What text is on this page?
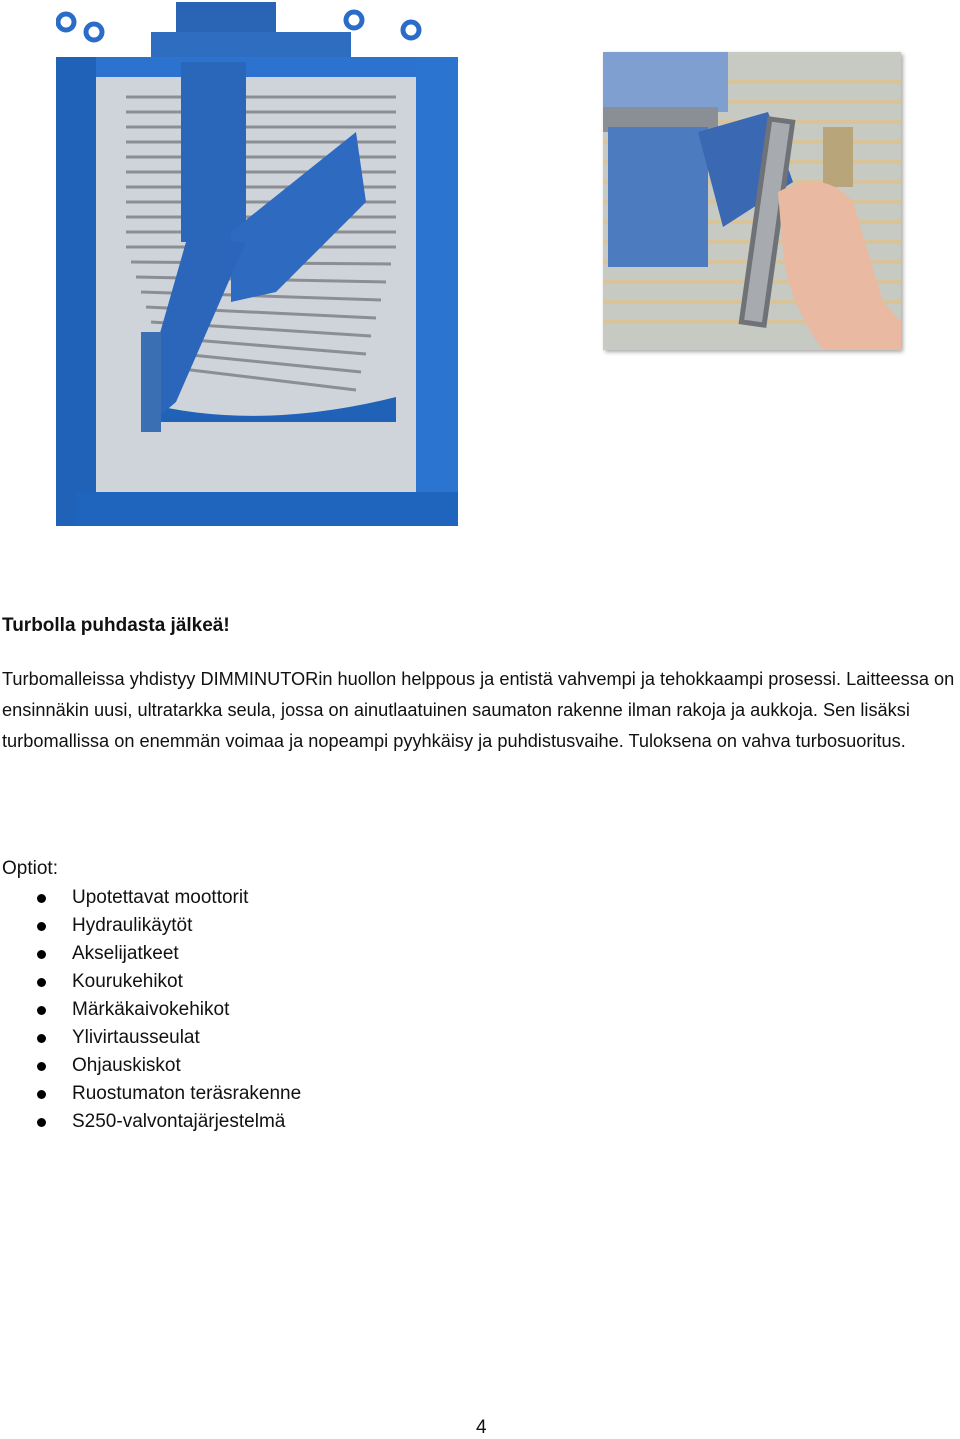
Turbolla puhdasta jälkeä!
Turbomalleissa yhdistyy DIMMINUTORin huollon helppous ja entistä vahvempi ja tehokkaampi prosessi. Laitteessa on ensinnäkin uusi, ultratarkka seula, jossa on ainutlaatuinen saumaton rakenne ilman rakoja ja aukkoja. Sen lisäksi turbomallissa on enemmän voimaa ja nopeampi pyyhkäisy ja puhdistusvaihe. Tuloksena on vahva turbosuoritus.
Optiot:
Upotettavat moottorit
Hydraulikäytöt
Akselijatkeet
Kourukehikot
Märkäkaivokehikot
Ylivirtausseulat
Ohjauskiskot
Ruostumaton teräsrakenne
S250-valvontajärjestelmä
4
